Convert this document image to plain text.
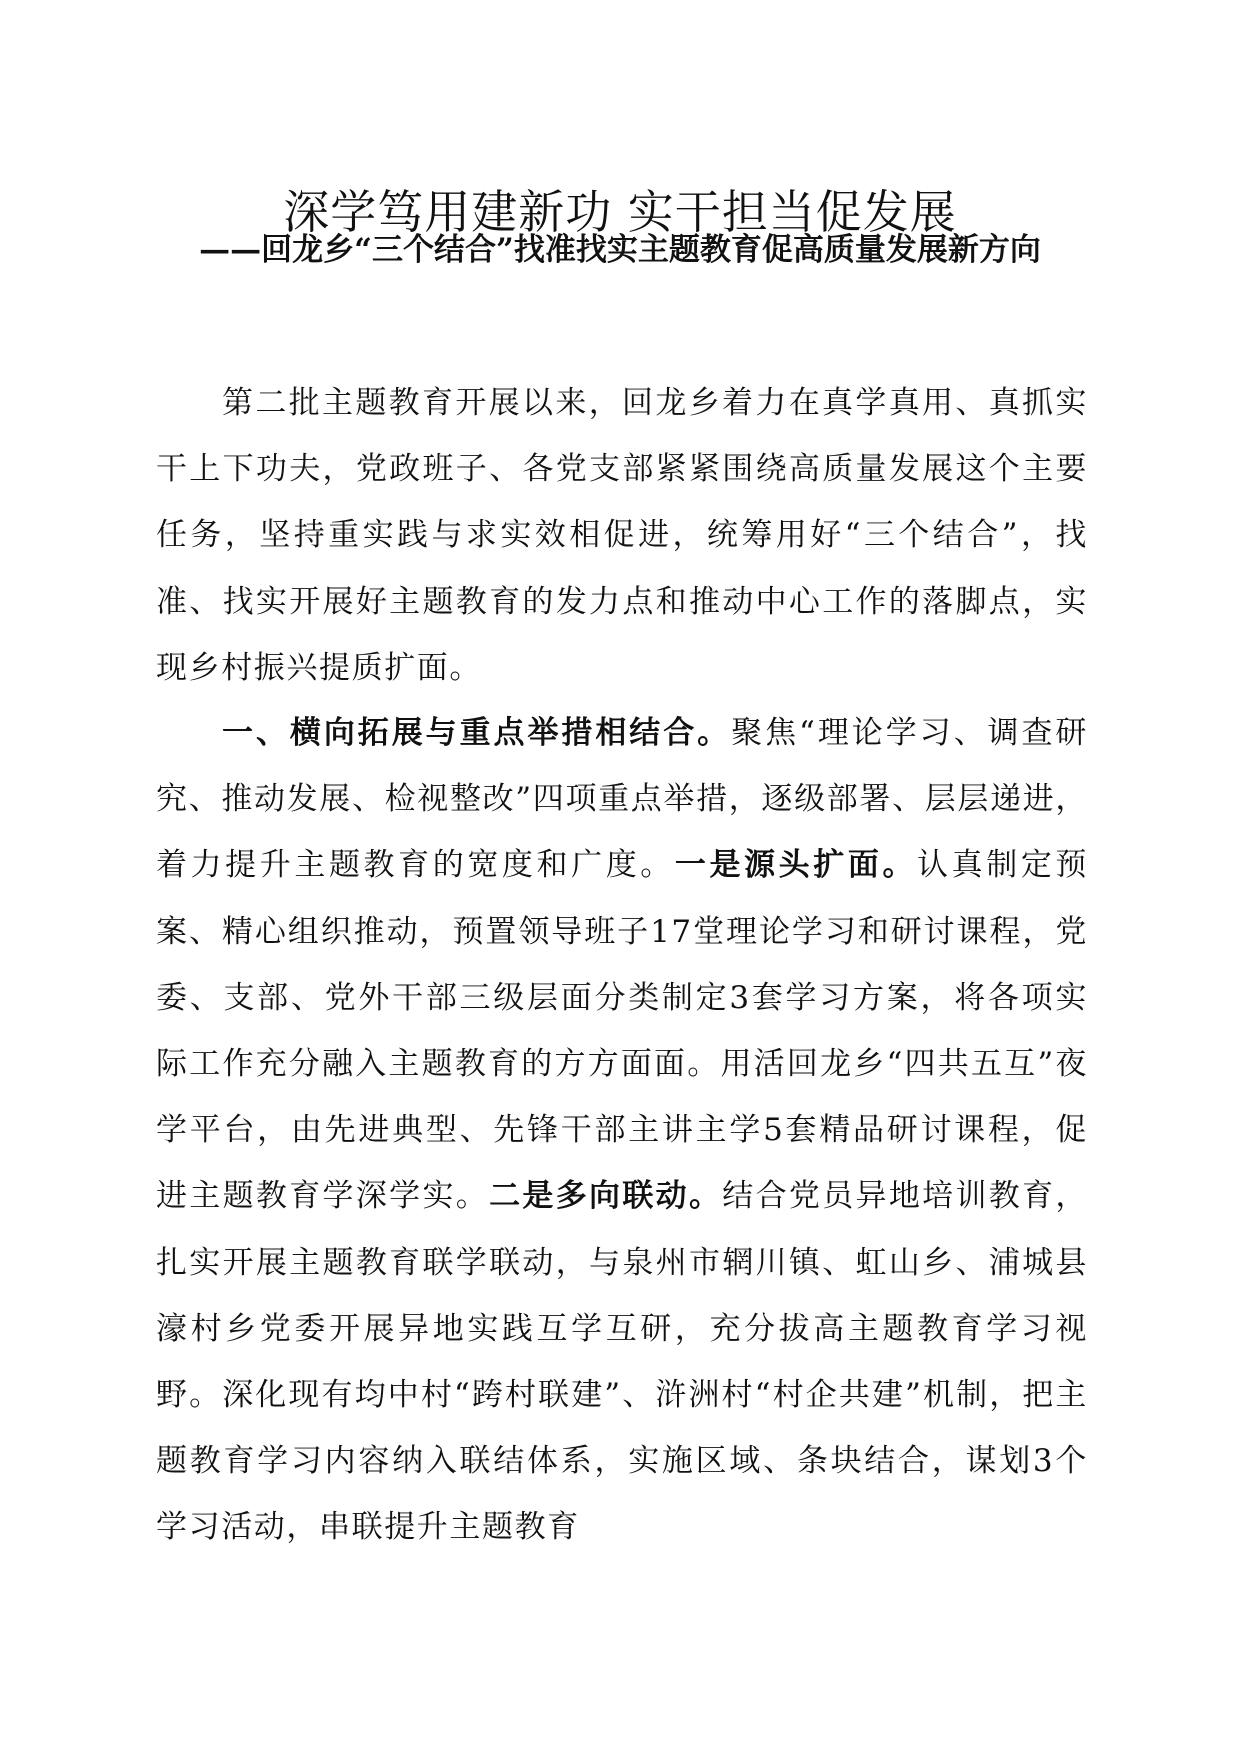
深学笃用建新功 实干担当促发展
——回龙乡“三个结合”找准找实主题教育促高质量发展新方向

第二批主题教育开展以来，回龙乡着力在真学真用、真抓实干上下功夫，党政班子、各党支部紧紧围绕高质量发展这个主要任务，坚持重实践与求实效相促进，统筹用好“三个结合”，找准、找实开展好主题教育的发力点和推动中心工作的落脚点，实现乡村振兴提质扩面。

一、横向拓展与重点举措相结合。聚焦“理论学习、调查研究、推动发展、检视整改”四项重点举措，逐级部署、层层递进，着力提升主题教育的宽度和广度。一是源头扩面。认真制定预案、精心组织推动，预置领导班子17堂理论学习和研讨课程，党委、支部、党外干部三级层面分类制定3套学习方案，将各项实际工作充分融入主题教育的方方面面。用活回龙乡“四共五互”夜学平台，由先进典型、先锋干部主讲主学5套精品研讨课程，促进主题教育学深学实。二是多向联动。结合党员异地培训教育，扎实开展主题教育联学联动，与泉州市辋川镇、虹山乡、浦城县濠村乡党委开展异地实践互学互研，充分拔高主题教育学习视野。深化现有均中村“跨村联建”、浒洲村“村企共建”机制，把主题教育学习内容纳入联结体系，实施区域、条块结合，谋划3个学习活动，串联提升主题教育
